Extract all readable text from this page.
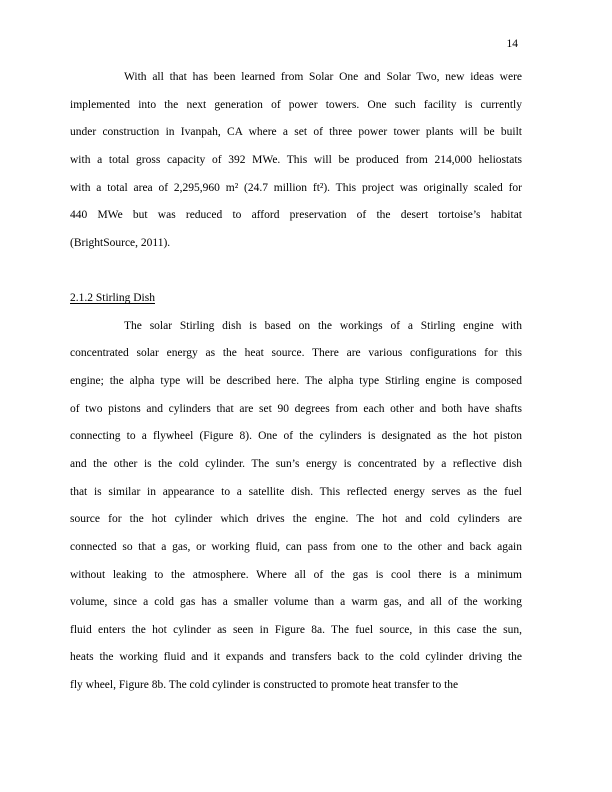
14
With all that has been learned from Solar One and Solar Two, new ideas were
implemented into the next generation of power towers. One such facility is currently
under construction in Ivanpah, CA where a set of three power tower plants will be built
with a total gross capacity of 392 MWe. This will be produced from 214,000 heliostats
with a total area of 2,295,960 m² (24.7 million ft²). This project was originally scaled for
440 MWe but was reduced to afford preservation of the desert tortoise’s habitat
(BrightSource, 2011).
2.1.2 Stirling Dish
The solar Stirling dish is based on the workings of a Stirling engine with
concentrated solar energy as the heat source. There are various configurations for this
engine; the alpha type will be described here. The alpha type Stirling engine is composed
of two pistons and cylinders that are set 90 degrees from each other and both have shafts
connecting to a flywheel (Figure 8). One of the cylinders is designated as the hot piston
and the other is the cold cylinder. The sun’s energy is concentrated by a reflective dish
that is similar in appearance to a satellite dish. This reflected energy serves as the fuel
source for the hot cylinder which drives the engine. The hot and cold cylinders are
connected so that a gas, or working fluid, can pass from one to the other and back again
without leaking to the atmosphere. Where all of the gas is cool there is a minimum
volume, since a cold gas has a smaller volume than a warm gas, and all of the working
fluid enters the hot cylinder as seen in Figure 8a. The fuel source, in this case the sun,
heats the working fluid and it expands and transfers back to the cold cylinder driving the
fly wheel, Figure 8b. The cold cylinder is constructed to promote heat transfer to the
